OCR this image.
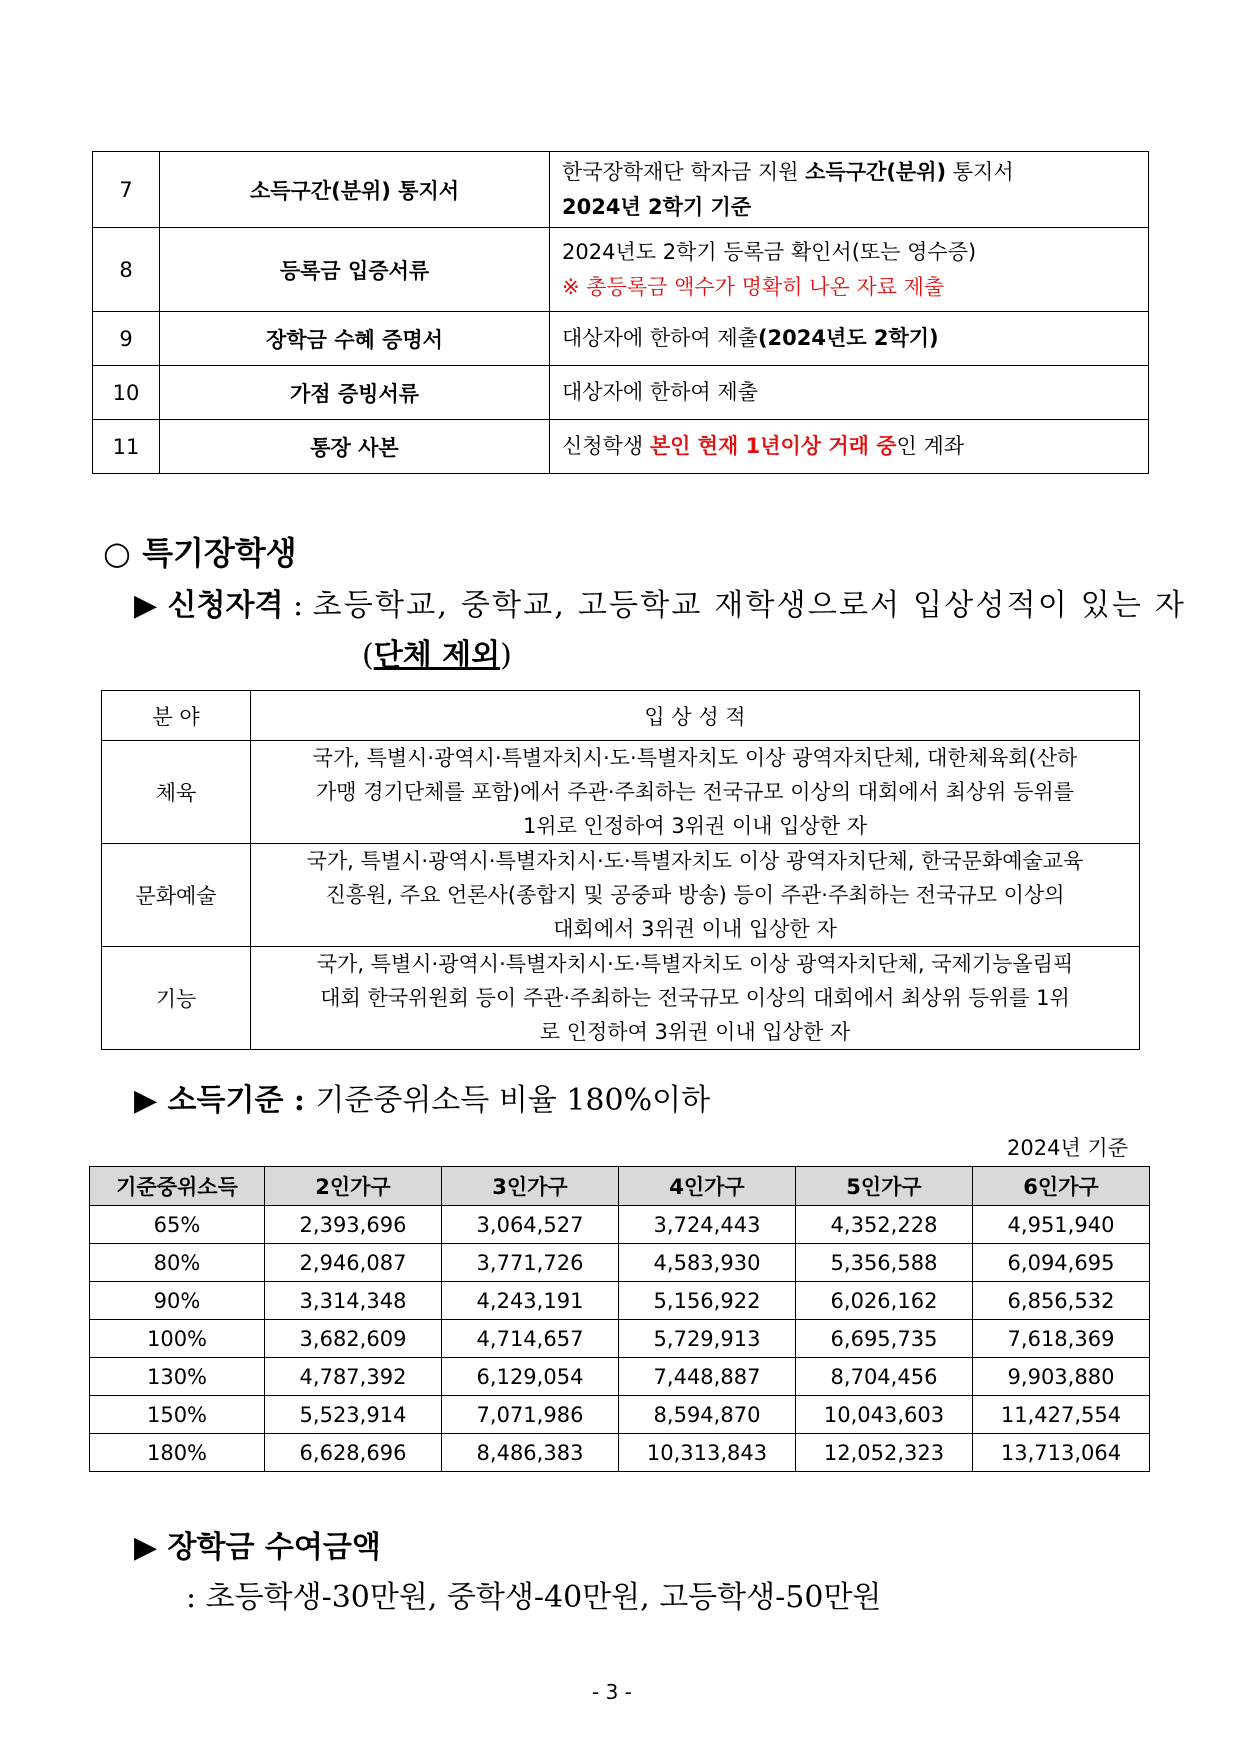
7	소득구간(분위) 통지서	한국장학재단 학자금 지원 소득구간(분위) 통지서
2024년 2학기 기준

8	등록금 입증서류	2024년도 2학기 등록금 확인서(또는 영수증)
※ 총등록금 액수가 명확히 나온 자료 제출

9	장학금 수혜 증명서	대상자에 한하여 제출(2024년도 2학기)
10	가점 증빙서류	대상자에 한하여 제출
11	통장 사본	신청학생 본인 현재 1년이상 거래 중인 계좌
○ 특기장학생
▶ 신청자격 : 초등학교, 중학교, 고등학교 재학생으로서 입상성적이 있는 자
(단체 제외)
분 야	입 상 성 적
체육	국가, 특별시·광역시·특별자치시·도·특별자치도 이상 광역자치단체, 대한체육회(산하
가맹 경기단체를 포함)에서 주관·주최하는 전국규모 이상의 대회에서 최상위 등위를
1위로 인정하여 3위권 이내 입상한 자

문화예술	국가, 특별시·광역시·특별자치시·도·특별자치도 이상 광역자치단체, 한국문화예술교육
진흥원, 주요 언론사(종합지 및 공중파 방송) 등이 주관·주최하는 전국규모 이상의
대회에서 3위권 이내 입상한 자

기능	국가, 특별시·광역시·특별자치시·도·특별자치도 이상 광역자치단체, 국제기능올림픽
대회 한국위원회 등이 주관·주최하는 전국규모 이상의 대회에서 최상위 등위를 1위
로 인정하여 3위권 이내 입상한 자
▶ 소득기준 : 기준중위소득 비율 180%이하
2024년 기준
기준중위소득	2인가구	3인가구	4인가구	5인가구	6인가구
65%	2,393,696	3,064,527	3,724,443	4,352,228	4,951,940
80%	2,946,087	3,771,726	4,583,930	5,356,588	6,094,695
90%	3,314,348	4,243,191	5,156,922	6,026,162	6,856,532
100%	3,682,609	4,714,657	5,729,913	6,695,735	7,618,369
130%	4,787,392	6,129,054	7,448,887	8,704,456	9,903,880
150%	5,523,914	7,071,986	8,594,870	10,043,603	11,427,554
180%	6,628,696	8,486,383	10,313,843	12,052,323	13,713,064
▶ 장학금 수여금액
: 초등학생-30만원, 중학생-40만원, 고등학생-50만원
- 3 -
